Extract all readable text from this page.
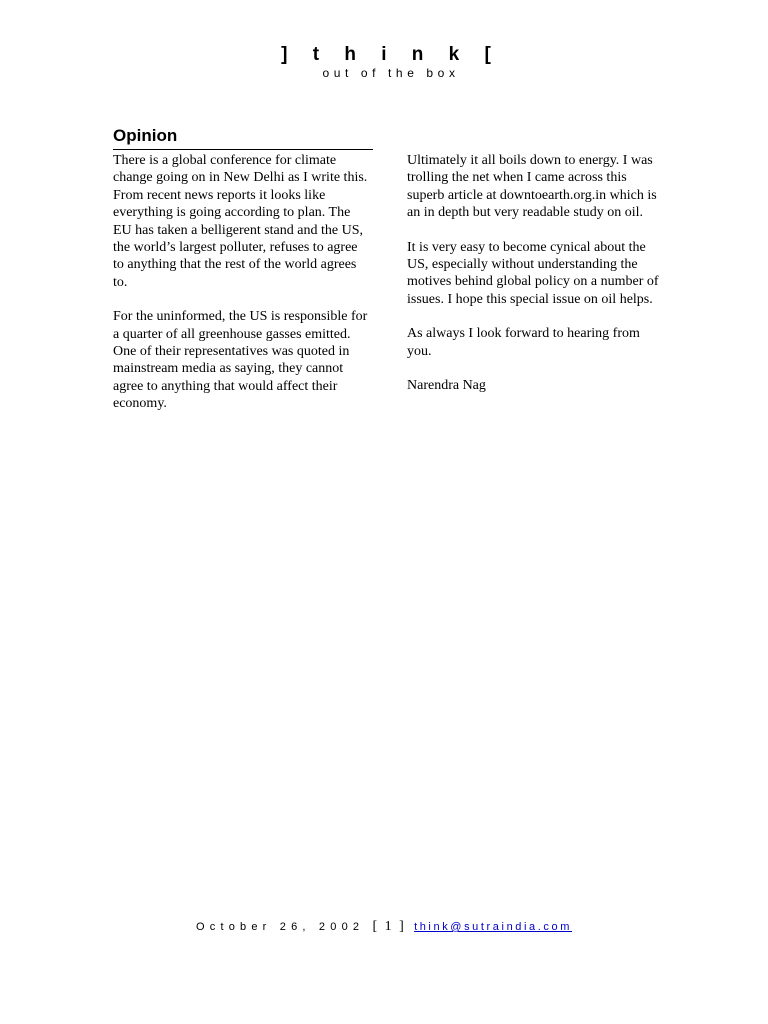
] t h i n k [
out of the box
Opinion

There is a global conference for climate change going on in New Delhi as I write this. From recent news reports it looks like everything is going according to plan. The EU has taken a belligerent stand and the US, the world’s largest polluter, refuses to agree to anything that the rest of the world agrees to.

For the uninformed, the US is responsible for a quarter of all greenhouse gasses emitted. One of their representatives was quoted in mainstream media as saying, they cannot agree to anything that would affect their economy.

Ultimately it all boils down to energy. I was trolling the net when I came across this superb article at downtoearth.org.in which is an in depth but very readable study on oil.

It is very easy to become cynical about the US, especially without understanding the motives behind global policy on a number of issues. I hope this special issue on oil helps.

As always I look forward to hearing from you.

Narendra Nag

October 26, 2002 [ 1 ] think@sutraindia.com
